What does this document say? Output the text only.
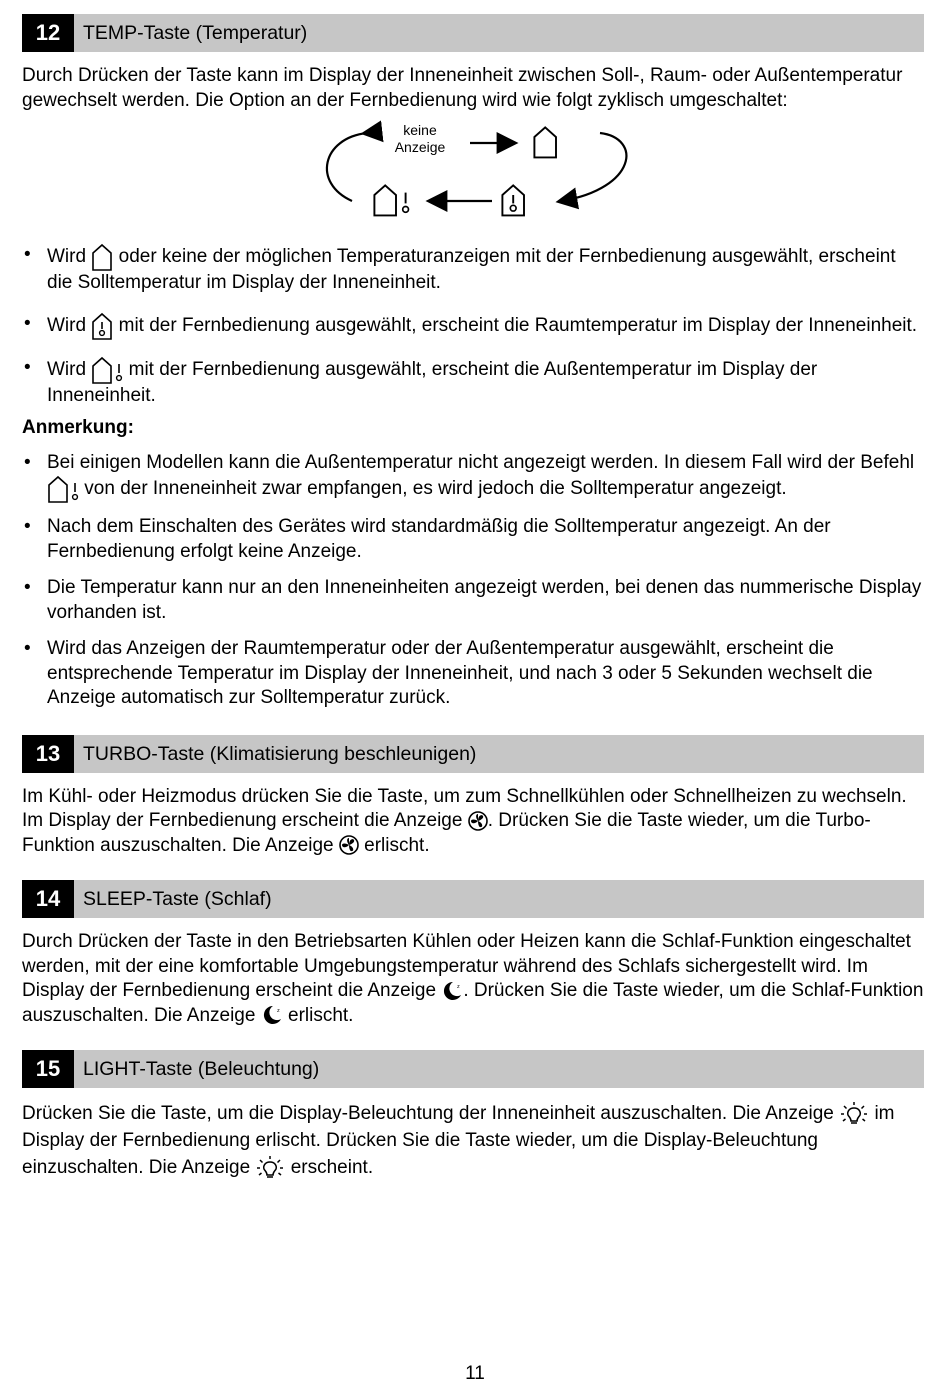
12	TEMP-Taste (Temperatur)

Durch Drücken der Taste kann im Display der Inneneinheit zwischen Soll-, Raum- oder Außentemperatur gewechselt werden. Die Option an der Fernbedienung wird wie folgt zyklisch umgeschaltet:

keine
Anzeige
• Wird oder keine der möglichen Temperaturanzeigen mit der Fernbedienung ausgewählt, erscheint die Solltemperatur im Display der Inneneinheit.
• Wird mit der Fernbedienung ausgewählt, erscheint die Raumtemperatur im Display der Inneneinheit.
• Wird mit der Fernbedienung ausgewählt, erscheint die Außentemperatur im Display der Inneneinheit.

Anmerkung:

• Bei einigen Modellen kann die Außentemperatur nicht angezeigt werden. In diesem Fall wird der Befehl
von der Inneneinheit zwar empfangen, es wird jedoch die Solltemperatur angezeigt.
• Nach dem Einschalten des Gerätes wird standardmäßig die Solltemperatur angezeigt. An der Fernbedienung erfolgt keine Anzeige.
• Die Temperatur kann nur an den Inneneinheiten angezeigt werden, bei denen das nummerische Display vorhanden ist.
• Wird das Anzeigen der Raumtemperatur oder der Außentemperatur ausgewählt, erscheint die entsprechende Temperatur im Display der Inneneinheit, und nach 3 oder 5 Sekunden wechselt die Anzeige automatisch zur Solltemperatur zurück.
13	TURBO-Taste (Klimatisierung beschleunigen)

Im Kühl- oder Heizmodus drücken Sie die Taste, um zum Schnellkühlen oder Schnellheizen zu wechseln. Im Display der Fernbedienung erscheint die Anzeige . Drücken Sie die Taste wieder, um die Turbo-Funktion auszuschalten. Die Anzeige erlischt.

14	SLEEP-Taste (Schlaf)

Durch Drücken der Taste in den Betriebsarten Kühlen oder Heizen kann die Schlaf-Funktion eingeschaltet werden, mit der eine komfortable Umgebungstemperatur während des Schlafs sichergestellt wird. Im Display der Fernbedienung erscheint die Anzeige . Drücken Sie die Taste wieder, um die Schlaf-Funktion auszuschalten. Die Anzeige erlischt.

15	LIGHT-Taste (Beleuchtung)

Drücken Sie die Taste, um die Display-Beleuchtung der Inneneinheit auszuschalten. Die Anzeige im Display der Fernbedienung erlischt. Drücken Sie die Taste wieder, um die Display-Beleuchtung einzuschalten. Die Anzeige erscheint.

11
